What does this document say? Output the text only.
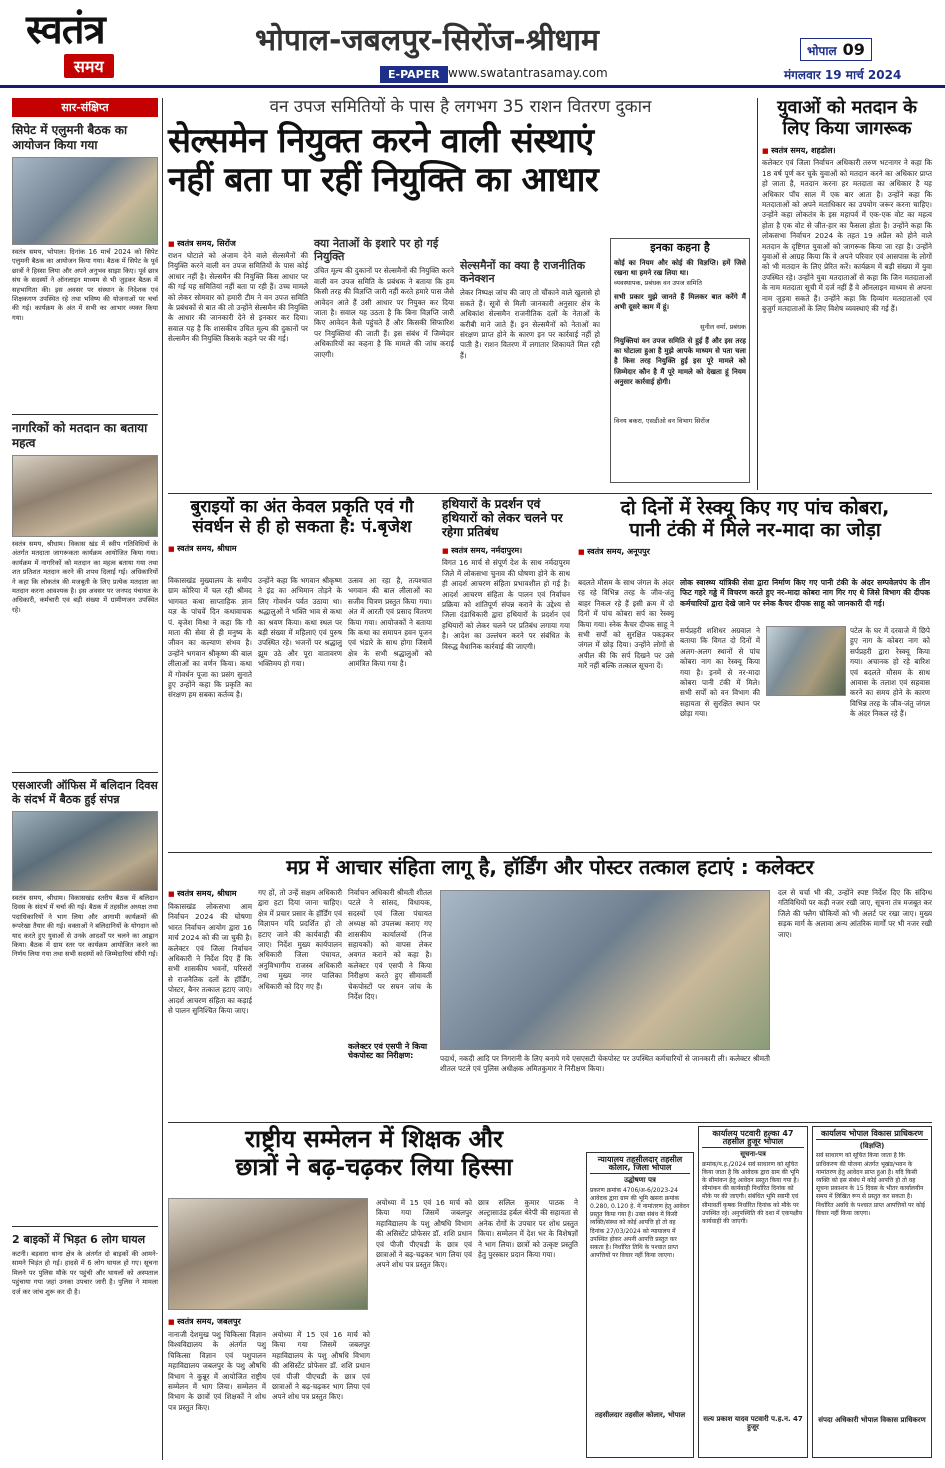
स्वतंत्र
समय
भोपाल-जबलपुर-सिरोंज-श्रीधाम
E-PAPER www.swatantrasamay.com
भोपाल 09
मंगलवार 19 मार्च 2024
सार-संक्षिप्त
सिपेट में एलुमनी बैठक का आयोजन किया गया
स्वतंत्र समय, भोपाल। दिनांक 16 मार्च 2024 को सिपेट एलुमनी बैठक का आयोजन किया गया। बैठक में सिपेट के पूर्व छात्रों ने हिस्सा लिया और अपने अनुभव साझा किए। पूर्व छात्र संघ के सदस्यों ने ऑनलाइन माध्यम से भी जुड़कर बैठक में सहभागिता की। इस अवसर पर संस्थान के निदेशक एवं शिक्षकगण उपस्थित रहे तथा भविष्य की योजनाओं पर चर्चा की गई। कार्यक्रम के अंत में सभी का आभार व्यक्त किया गया।
नागरिकों को मतदान का बताया महत्व
स्वतंत्र समय, श्रीधाम। विकास खंड में स्वीप गतिविधियों के अंतर्गत मतदाता जागरूकता कार्यक्रम आयोजित किया गया। कार्यक्रम में नागरिकों को मतदान का महत्व बताया गया तथा शत प्रतिशत मतदान करने की शपथ दिलाई गई। अधिकारियों ने कहा कि लोकतंत्र की मजबूती के लिए प्रत्येक मतदाता का मतदान करना आवश्यक है। इस अवसर पर जनपद पंचायत के अधिकारी, कर्मचारी एवं बड़ी संख्या में ग्रामीणजन उपस्थित रहे।
एसआरजी ऑफिस में बलिदान दिवस के संदर्भ में बैठक हुई संपन्न
स्वतंत्र समय, श्रीधाम। विकासखंड स्तरीय बैठक में बलिदान दिवस के संदर्भ में चर्चा की गई। बैठक में तहसील अध्यक्ष तथा पदाधिकारियों ने भाग लिया और आगामी कार्यक्रमों की रूपरेखा तैयार की गई। वक्ताओं ने बलिदानियों के योगदान को याद करते हुए युवाओं से उनके आदर्शों पर चलने का आह्वान किया। बैठक में ग्राम स्तर पर कार्यक्रम आयोजित करने का निर्णय लिया गया तथा सभी सदस्यों को जिम्मेदारियां सौंपी गईं।
2 बाइकों में भिड़त 6 लोग घायल
कटनी। बड़वारा थाना क्षेत्र के अंतर्गत दो बाइकों की आमने-सामने भिड़ंत हो गई। हादसे में 6 लोग घायल हो गए। सूचना मिलने पर पुलिस मौके पर पहुंची और घायलों को अस्पताल पहुंचाया गया जहां उनका उपचार जारी है। पुलिस ने मामला दर्ज कर जांच शुरू कर दी है।
वन उपज समितियों के पास है लगभग 35 राशन वितरण दुकान
सेल्समेन नियुक्त करने वाली संस्थाएं
नहीं बता पा रहीं नियुक्ति का आधार
■ स्वतंत्र समय, सिरोंज
राशन घोटाले को अंजाम देने वाले सेल्समैनों की नियुक्ति करने वाली वन उपज समितियों के पास कोई आधार नहीं है। सेल्समैन की नियुक्ति किस आधार पर की गई यह समितियां नहीं बता पा रही हैं। उच्च मामले को लेकर सोमवार को हमारी टीम ने वन उपज समिति के प्रबंधकों से बात की तो उन्होंने सेल्समैन की नियुक्ति के आधार की जानकारी देने से इनकार कर दिया। सवाल यह है कि शासकीय उचित मूल्य की दुकानों पर सेल्समैन की नियुक्ति किसके कहने पर की गई।
क्या नेताओं के इशारे पर हो गई नियुक्ति
उचित मूल्य की दुकानों पर सेल्समैनों की नियुक्ति करने वाली वन उपज समिति के प्रबंधक ने बताया कि हम किसी तरह की विज्ञप्ति जारी नहीं करते हमारे पास जैसे आवेदन आते हैं उसी आधार पर नियुक्त कर दिया जाता है। सवाल यह उठता है कि बिना विज्ञप्ति जारी किए आवेदन कैसे पहुंचते हैं और किसकी सिफारिश पर नियुक्तियां की जाती हैं। इस संबंध में जिम्मेदार अधिकारियों का कहना है कि मामले की जांच कराई जाएगी।
सेल्समैनों का क्या है राजनीतिक कनेक्शन
लेकर निष्पक्ष जांच की जाए तो चौंकाने वाले खुलासे हो सकते हैं। सूत्रों से मिली जानकारी अनुसार क्षेत्र के अधिकांश सेल्समैन राजनीतिक दलों के नेताओं के करीबी माने जाते हैं। इन सेल्समैनों को नेताओं का संरक्षण प्राप्त होने के कारण इन पर कार्रवाई नहीं हो पाती है। राशन वितरण में लगातार शिकायतें मिल रही हैं।
इनका कहना है
कोई का नियम और कोई की विज्ञप्ति। हमें जिसे रखना था हमने रख लिया था।
व्यवस्थापक, प्रबंधक वन उपज समिति
सभी प्रकार मुझे जानते हैं मिलकर बात करेंगे मैं अभी दूसरे काम में हूं।
सुनील वर्मा, प्रबंधक
नियुक्तियां वन उपज समिति से हुई हैं और इस तरह का घोटाला हुआ है मुझे आपके माध्यम से पता चला है किस तरह नियुक्ति हुई इस पूरे मामले को जिम्मेदार कौन है मैं पूरे मामले को देखता हूं नियम अनुसार कार्रवाई होगी।
विनय बकरा, एसडीओ वन विभाग सिरोंज
युवाओं को मतदान के लिए किया जागरूक
■ स्वतंत्र समय, शहडोल।
कलेक्टर एवं जिला निर्वाचन अधिकारी तरुण भटनागर ने कहा कि 18 वर्ष पूर्ण कर चुके युवाओं को मतदान करने का अधिकार प्राप्त हो जाता है, मतदान करना हर मतदाता का अधिकार है यह अधिकार पाँच साल में एक बार आता है। उन्होंने कहा कि मतदाताओं को अपने मताधिकार का उपयोग जरूर करना चाहिए। उन्होंने कहा लोकतंत्र के इस महापर्व में एक-एक वोट का महत्व होता है एक वोट से जीत-हार का फैसला होता है। उन्होंने कहा कि लोकसभा निर्वाचन 2024 के तहत 19 अप्रैल को होने वाले मतदान के दृष्टिगत युवाओं को जागरूक किया जा रहा है। उन्होंने युवाओं से आग्रह किया कि वे अपने परिवार एवं आसपास के लोगों को भी मतदान के लिए प्रेरित करें। कार्यक्रम में बड़ी संख्या में युवा उपस्थित रहे। उन्होंने युवा मतदाताओं से कहा कि जिन मतदाताओं के नाम मतदाता सूची में दर्ज नहीं हैं वे ऑनलाइन माध्यम से अपना नाम जुड़वा सकते हैं। उन्होंने कहा कि दिव्यांग मतदाताओं एवं बुजुर्ग मतदाताओं के लिए विशेष व्यवस्थाएं की गई हैं।
बुराइयों का अंत केवल प्रकृति एवं गौ संवर्धन से ही हो सकता है: पं.बृजेश
■ स्वतंत्र समय, श्रीधाम
विकासखंड मुख्यालय के समीप ग्राम कोरिया में चल रही श्रीमद भागवत कथा साप्ताहिक ज्ञान यज्ञ के पांचवें दिन कथावाचक पं. बृजेश मिश्रा ने कहा कि गौ माता की सेवा से ही मनुष्य के जीवन का कल्याण संभव है। उन्होंने भगवान श्रीकृष्ण की बाल लीलाओं का वर्णन किया। कथा में गोवर्धन पूजा का प्रसंग सुनाते हुए उन्होंने कहा कि प्रकृति का संरक्षण हम सबका कर्तव्य है।
उन्होंने कहा कि भगवान श्रीकृष्ण ने इंद्र का अभिमान तोड़ने के लिए गोवर्धन पर्वत उठाया था। श्रद्धालुओं ने भक्ति भाव से कथा का श्रवण किया। कथा स्थल पर बड़ी संख्या में महिलाएं एवं पुरुष उपस्थित रहे। भजनों पर श्रद्धालु झूम उठे और पूरा वातावरण भक्तिमय हो गया।
उत्सव आ रहा है, तत्पश्चात भगवान की बाल लीलाओं का सजीव चित्रण प्रस्तुत किया गया। अंत में आरती एवं प्रसाद वितरण किया गया। आयोजकों ने बताया कि कथा का समापन हवन पूजन एवं भंडारे के साथ होगा जिसमें क्षेत्र के सभी श्रद्धालुओं को आमंत्रित किया गया है।
हथियारों के प्रदर्शन एवं हथियारों को लेकर चलने पर रहेगा प्रतिबंध
■ स्वतंत्र समय, नर्मदापुरम।
विगत 16 मार्च से संपूर्ण देश के साथ नर्मदापुरम जिले में लोकसभा चुनाव की घोषणा होने के साथ ही आदर्श आचरण संहिता प्रभावशील हो गई है। आदर्श आचरण संहिता के पालन एवं निर्वाचन प्रक्रिया को शांतिपूर्ण संपन्न कराने के उद्देश्य से जिला दंडाधिकारी द्वारा हथियारों के प्रदर्शन एवं हथियारों को लेकर चलने पर प्रतिबंध लगाया गया है। आदेश का उल्लंघन करने पर संबंधित के विरुद्ध वैधानिक कार्रवाई की जाएगी।
दो दिनों में रेस्क्यू किए गए पांच कोबरा,
पानी टंकी में मिले नर-मादा का जोड़ा
■ स्वतंत्र समय, अनूपपुर
लोक स्वास्थ्य यांत्रिकी सेवा द्वारा निर्माण किए गए पानी टंकी के अंदर सम्पवेलपंप के तीन फिट गहरे गड्ढे में विचरण करते हुए नर-मादा कोबरा नाग गिर गए थे जिसे विभाग की दीपक कर्मचारियों द्वारा देखे जाने पर स्नेक कैचर दीपक साहू को जानकारी दी गई।
बदलते मौसम के साथ जंगल के अंदर रह रहे विभिन्न तरह के जीव-जंतु बाहर निकल रहे हैं इसी क्रम में दो दिनों में पांच कोबरा सर्प का रेस्क्यू किया गया। स्नेक कैचर दीपक साहू ने सभी सर्पों को सुरक्षित पकड़कर जंगल में छोड़ दिया। उन्होंने लोगों से अपील की कि सर्प दिखने पर उसे मारें नहीं बल्कि तत्काल सूचना दें।
सर्पप्रहरी शशिधर अग्रवाल ने बताया कि विगत दो दिनों में अलग-अलग स्थानों से पांच कोबरा नाग का रेस्क्यू किया गया है। इनमें से नर-मादा कोबरा पानी टंकी में मिले। सभी सर्पों को वन विभाग की सहायता से सुरक्षित स्थान पर छोड़ा गया।
पटेल के घर में दरवाजे में छिपे हुए नाग के कोबरा नाग को सर्पप्रहरी द्वारा रेस्क्यू किया गया। अचानक हो रहे बारिश एवं बदलते मौसम के साथ आवास के तलाश एवं सहवास करने का समय होने के कारण विभिन्न तरह के जीव-जंतु जंगल के अंदर निकल रहे हैं।
मप्र में आचार संहिता लागू है, हॉर्डिंग और पोस्टर तत्काल हटाएं : कलेक्टर
■ स्वतंत्र समय, श्रीधाम
विकासखंड लोकसभा आम निर्वाचन 2024 की घोषणा भारत निर्वाचन आयोग द्वारा 16 मार्च 2024 को की जा चुकी है। कलेक्टर एवं जिला निर्वाचन अधिकारी ने निर्देश दिए हैं कि सभी शासकीय भवनों, परिसरों से राजनैतिक दलों के हॉर्डिंग, पोस्टर, बैनर तत्काल हटाए जाएं। आदर्श आचरण संहिता का कड़ाई से पालन सुनिश्चित किया जाए।
गए हों, तो उन्हें सक्षम अधिकारी द्वारा हटा दिया जाना चाहिए। क्षेत्र में प्रचार प्रसार के हॉर्डिंग एवं विज्ञापन यदि प्रदर्शित हो तो हटाए जाने की कार्यवाही की जाए। निर्देश मुख्य कार्यपालन अधिकारी जिला पंचायत, अनुविभागीय राजस्व अधिकारी तथा मुख्य नगर पालिका अधिकारी को दिए गए हैं।
निर्वाचन अधिकारी श्रीमती शीतल पटले ने सांसद, विधायक, सदस्यों एवं जिला पंचायत अध्यक्ष को उपलब्ध कराए गए शासकीय कार्यालयों (निज सहायकों) को वापस लेकर अवगत कराने को कहा है। कलेक्टर एवं एसपी ने किया निरीक्षण करते हुए सीमावर्ती चेकपोस्टों पर सघन जांच के निर्देश दिए।
कलेक्टर एवं एसपी ने किया चेकपोस्ट का निरीक्षण:	पदार्थ, नकदी आदि पर निगरानी के लिए बनाये गये एसएसटी चेकपोस्ट पर उपस्थित कर्मचारियों से जानकारी ली। कलेक्टर श्रीमती शीतल पटले एवं पुलिस अधीक्षक अमितकुमार ने निरीक्षण किया।
दल से चर्चा भी की, उन्होंने स्पष्ट निर्देश दिए कि संदिग्ध गतिविधियों पर कड़ी नजर रखी जाए, सूचना तंत्र मजबूत कर जिले की फ्लैग चौकियों को भी अलर्ट पर रखा जाए। मुख्य सड़क मार्ग के अलावा अन्य आंतरिक मार्गों पर भी नजर रखी जाए।
राष्ट्रीय सम्मेलन में शिक्षक और
छात्रों ने बढ़-चढ़कर लिया हिस्सा
■ स्वतंत्र समय, जबलपुर
नानाजी देशमुख पशु चिकित्सा विज्ञान विश्वविद्यालय के अंतर्गत पशु चिकित्सा विज्ञान एवं पशुपालन महाविद्यालय जबलपुर के पशु औषधि विभाग ने कुन्नूर में आयोजित राष्ट्रीय सम्मेलन में भाग लिया। सम्मेलन में विभाग के छात्रों एवं शिक्षकों ने शोध पत्र प्रस्तुत किए।
अयोध्या में 15 एवं 16 मार्च को किया गया जिसमें जबलपुर महाविद्यालय के पशु औषधि विभाग की असिस्टेंट प्रोफेसर डॉ. शशि प्रधान एवं पीजी पीएचडी के छात्र एवं छात्राओं ने बढ़-चढ़कर भाग लिया एवं अपने शोध पत्र प्रस्तुत किए।
अयोध्या में 15 एवं 16 मार्च को किया गया जिसमें जबलपुर महाविद्यालय के पशु औषधि विभाग की असिस्टेंट प्रोफेसर डॉ. शशि प्रधान एवं पीजी पीएचडी के छात्र एवं छात्राओं ने बढ़-चढ़कर भाग लिया एवं अपने शोध पत्र प्रस्तुत किए।
छात्र सलिल कुमार पाठक ने अल्ट्रासाउंड हर्बल थेरेपी की सहायता से अनेक रोगों के उपचार पर शोध प्रस्तुत किया। सम्मेलन में देश भर के विशेषज्ञों ने भाग लिया। छात्रों को उत्कृष्ट प्रस्तुति हेतु पुरस्कार प्रदान किया गया।
न्यायालय तहसीलदार तहसील कोलार, जिला भोपाल
उद्घोषणा पत्र
प्रकरण क्रमांक 4706/अ-6/2023-24 आवेदक द्वारा ग्राम की भूमि खसरा क्रमांक 0.280, 0.120 हे. में नामांतरण हेतु आवेदन प्रस्तुत किया गया है। उक्त संबंध में किसी व्यक्ति/संस्था को कोई आपत्ति हो तो वह दिनांक 27/03/2024 को न्यायालय में उपस्थित होकर अपनी आपत्ति प्रस्तुत कर सकता है। निर्धारित तिथि के पश्चात प्राप्त आपत्तियों पर विचार नहीं किया जाएगा।
तहसीलदार तहसील कोलार, भोपाल
कार्यालय पटवारी हल्का 47 तहसील हुजूर भोपाल
सूचना-पत्र
क्रमांक/प.ह./2024 सर्व साधारण को सूचित किया जाता है कि आवेदक द्वारा ग्राम की भूमि के सीमांकन हेतु आवेदन प्रस्तुत किया गया है। सीमांकन की कार्यवाही निर्धारित दिनांक को मौके पर की जाएगी। संबंधित भूमि स्वामी एवं सीमावर्ती कृषक निर्धारित दिनांक को मौके पर उपस्थित रहें। अनुपस्थिति की दशा में एकपक्षीय कार्यवाही की जाएगी।
सत्य प्रकाश यादव पटवारी प.ह.न. 47 हुजूर
कार्यालय भोपाल विकास प्राधिकरण
(विज्ञप्ति)
सर्व साधारण को सूचित किया जाता है कि प्राधिकरण की योजना अंतर्गत भूखंड/भवन के नामांतरण हेतु आवेदन प्राप्त हुआ है। यदि किसी व्यक्ति को इस संबंध में कोई आपत्ति हो तो वह सूचना प्रकाशन के 15 दिवस के भीतर कार्यालयीन समय में लिखित रूप से प्रस्तुत कर सकता है। निर्धारित अवधि के पश्चात प्राप्त आपत्तियों पर कोई विचार नहीं किया जाएगा।
संपदा अधिकारी भोपाल विकास प्राधिकरण
